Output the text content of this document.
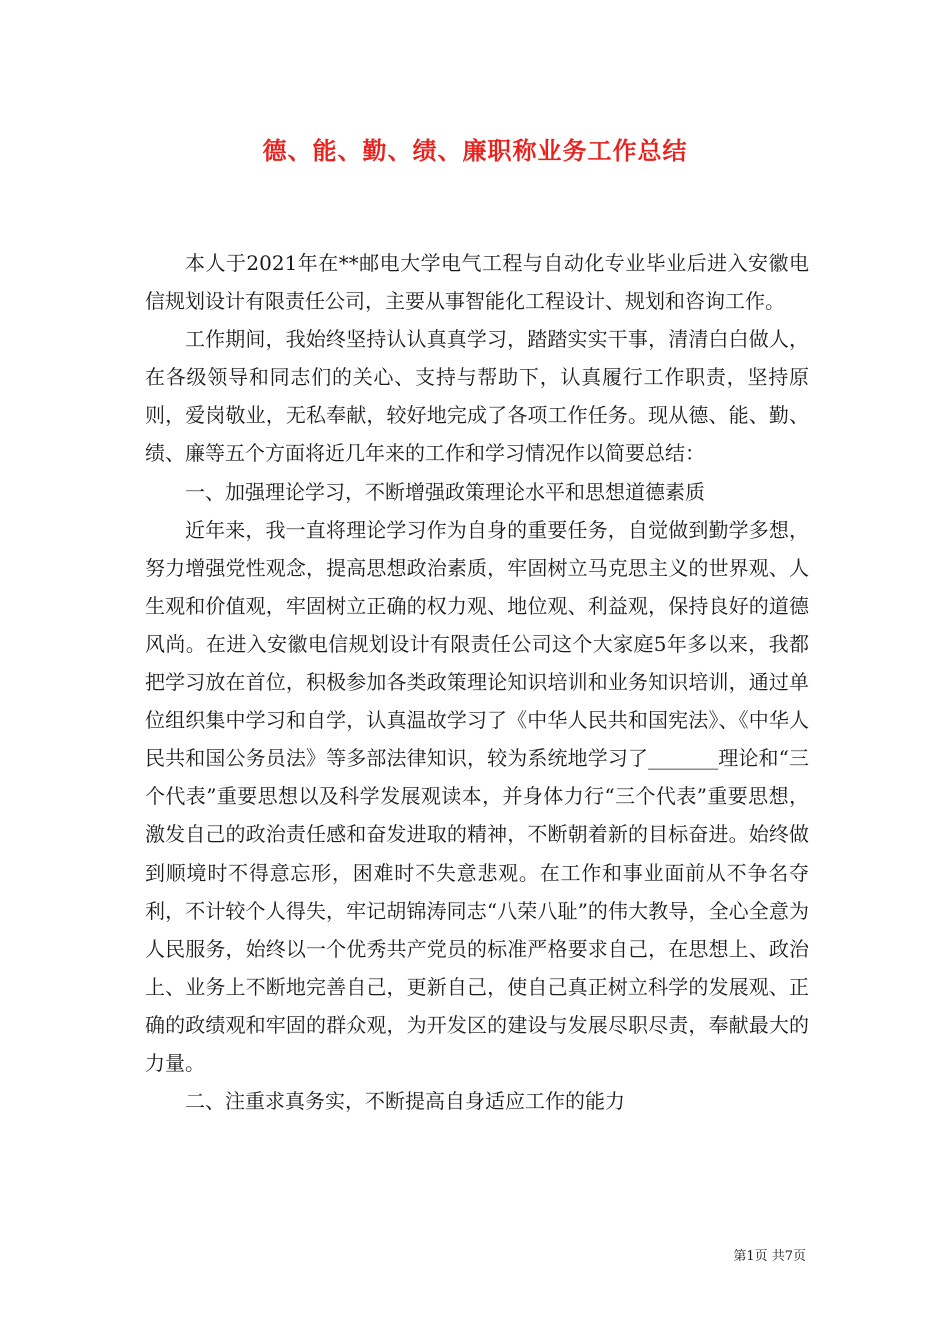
德、能、勤、绩、廉职称业务工作总结

本人于2021年在**邮电大学电气工程与自动化专业毕业后进入安徽电信规划设计有限责任公司，主要从事智能化工程设计、规划和咨询工作。

工作期间，我始终坚持认认真真学习，踏踏实实干事，清清白白做人，在各级领导和同志们的关心、支持与帮助下，认真履行工作职责，坚持原则，爱岗敬业，无私奉献，较好地完成了各项工作任务。现从德、能、勤、绩、廉等五个方面将近几年来的工作和学习情况作以简要总结：

一、加强理论学习，不断增强政策理论水平和思想道德素质

近年来，我一直将理论学习作为自身的重要任务，自觉做到勤学多想，努力增强党性观念，提高思想政治素质，牢固树立马克思主义的世界观、人生观和价值观，牢固树立正确的权力观、地位观、利益观，保持良好的道德风尚。在进入安徽电信规划设计有限责任公司这个大家庭5年多以来，我都把学习放在首位，积极参加各类政策理论知识培训和业务知识培训，通过单位组织集中学习和自学，认真温故学习了《中华人民共和国宪法》、《中华人民共和国公务员法》等多部法律知识，较为系统地学习了_______理论和“三个代表”重要思想以及科学发展观读本，并身体力行“三个代表”重要思想，激发自己的政治责任感和奋发进取的精神，不断朝着新的目标奋进。始终做到顺境时不得意忘形，困难时不失意悲观。在工作和事业面前从不争名夺利，不计较个人得失，牢记胡锦涛同志“八荣八耻”的伟大教导，全心全意为人民服务，始终以一个优秀共产党员的标准严格要求自己，在思想上、政治上、业务上不断地完善自己，更新自己，使自己真正树立科学的发展观、正确的政绩观和牢固的群众观，为开发区的建设与发展尽职尽责，奉献最大的力量。

二、注重求真务实，不断提高自身适应工作的能力

第1页 共7页
